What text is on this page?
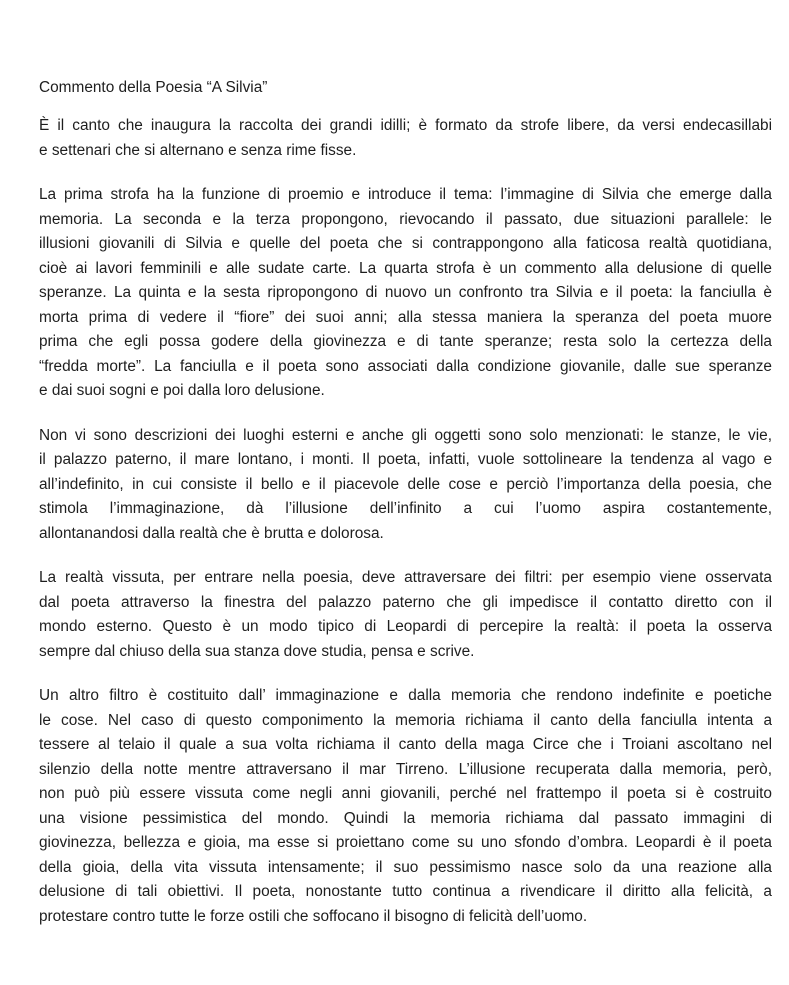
Commento della Poesia “A Silvia”
È il canto che inaugura la raccolta dei grandi idilli; è formato da strofe libere, da versi endecasillabi
e settenari che si alternano e senza rime fisse.
La prima strofa ha la funzione di proemio e introduce il tema: l’immagine di Silvia che emerge dalla
memoria. La seconda e la terza propongono, rievocando il passato, due situazioni parallele: le
illusioni giovanili di Silvia e quelle del poeta che si contrappongono alla faticosa realtà quotidiana,
cioè ai lavori femminili e alle sudate carte. La quarta strofa è un commento alla delusione di quelle
speranze. La quinta e la sesta ripropongono di nuovo un confronto tra Silvia e il poeta: la fanciulla è
morta prima di vedere il “fiore” dei suoi anni; alla stessa maniera la speranza del poeta muore
prima che egli possa godere della giovinezza e di tante speranze; resta solo la certezza della
“fredda morte”. La fanciulla e il poeta sono associati dalla condizione giovanile, dalle sue speranze
e dai suoi sogni e poi dalla loro delusione.
Non vi sono descrizioni dei luoghi esterni e anche gli oggetti sono solo menzionati: le stanze, le vie,
il palazzo paterno, il mare lontano, i monti. Il poeta, infatti, vuole sottolineare la tendenza al vago e
all’indefinito, in cui consiste il bello e il piacevole delle cose e perciò l’importanza della poesia, che
stimola l’immaginazione, dà l’illusione dell’infinito a cui l’uomo aspira costantemente,
allontanandosi dalla realtà che è brutta e dolorosa.
La realtà vissuta, per entrare nella poesia, deve attraversare dei filtri: per esempio viene osservata
dal poeta attraverso la finestra del palazzo paterno che gli impedisce il contatto diretto con il
mondo esterno. Questo è un modo tipico di Leopardi di percepire la realtà: il poeta la osserva
sempre dal chiuso della sua stanza dove studia, pensa e scrive.
Un altro filtro è costituito dall’ immaginazione e dalla memoria che rendono indefinite e poetiche
le cose. Nel caso di questo componimento la memoria richiama il canto della fanciulla intenta a
tessere al telaio il quale a sua volta richiama il canto della maga Circe che i Troiani ascoltano nel
silenzio della notte mentre attraversano il mar Tirreno. L’illusione recuperata dalla memoria, però,
non può più essere vissuta come negli anni giovanili, perché nel frattempo il poeta si è costruito
una visione pessimistica del mondo. Quindi la memoria richiama dal passato immagini di
giovinezza, bellezza e gioia, ma esse si proiettano come su uno sfondo d’ombra. Leopardi è il poeta
della gioia, della vita vissuta intensamente; il suo pessimismo nasce solo da una reazione alla
delusione di tali obiettivi. Il poeta, nonostante tutto continua a rivendicare il diritto alla felicità, a
protestare contro tutte le forze ostili che soffocano il bisogno di felicità dell’uomo.
